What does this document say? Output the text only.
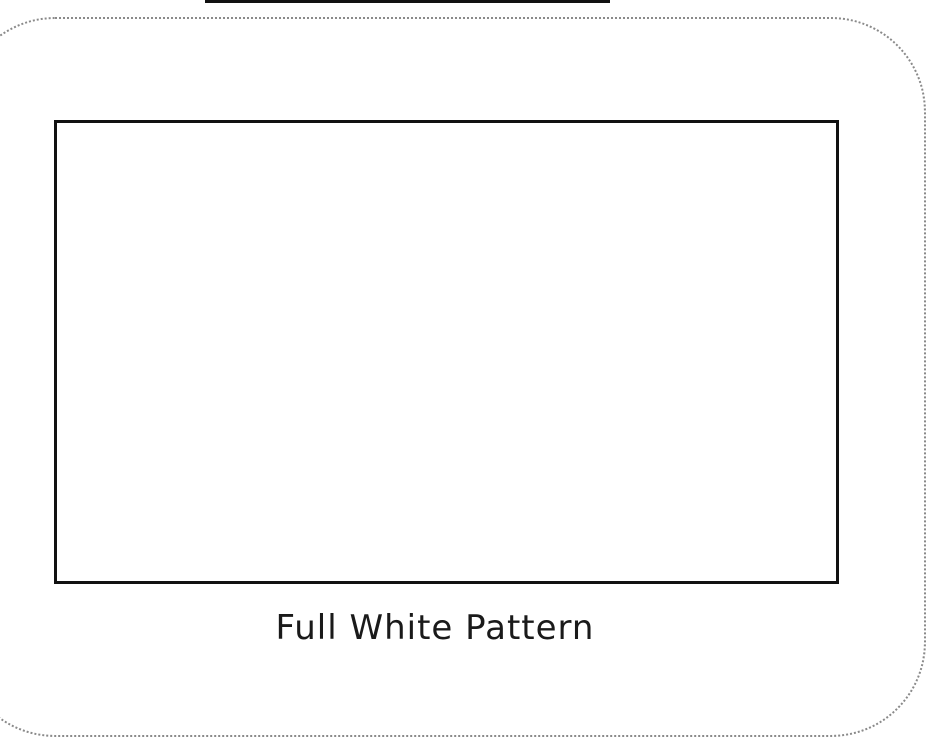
Full White Pattern
